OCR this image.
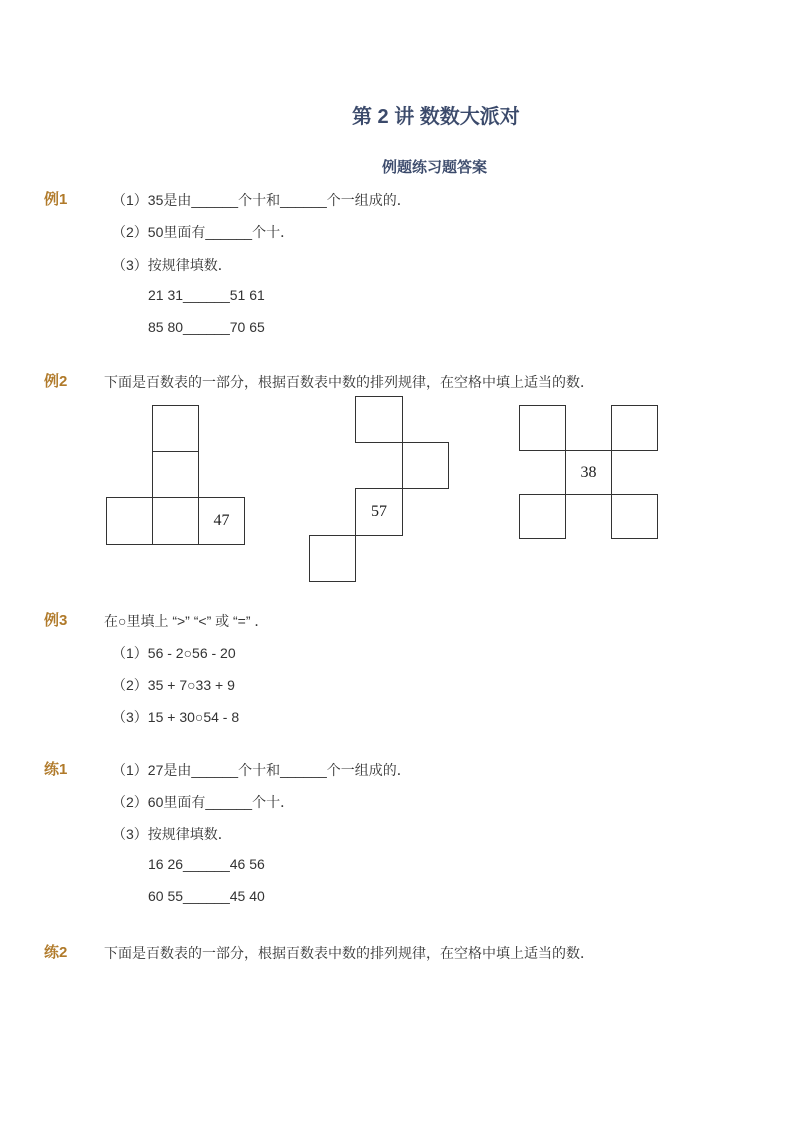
第 2 讲 数数大派对
例题练习题答案
例1	（1）35是由______个十和______个一组成的．
（2）50里面有______个十．
（3）按规律填数．
21 31______51 61
85 80______70 65
例2	下面是百数表的一部分，根据百数表中数的排列规律，在空格中填上适当的数．
47
57
38
例3	在○里填上 “>” “<” 或 “=” ．
（1）56 - 2○56 - 20
（2）35 + 7○33 + 9
（3）15 + 30○54 - 8
练1	（1）27是由______个十和______个一组成的．
（2）60里面有______个十．
（3）按规律填数．
16 26______46 56
60 55______45 40
练2	下面是百数表的一部分，根据百数表中数的排列规律，在空格中填上适当的数．
